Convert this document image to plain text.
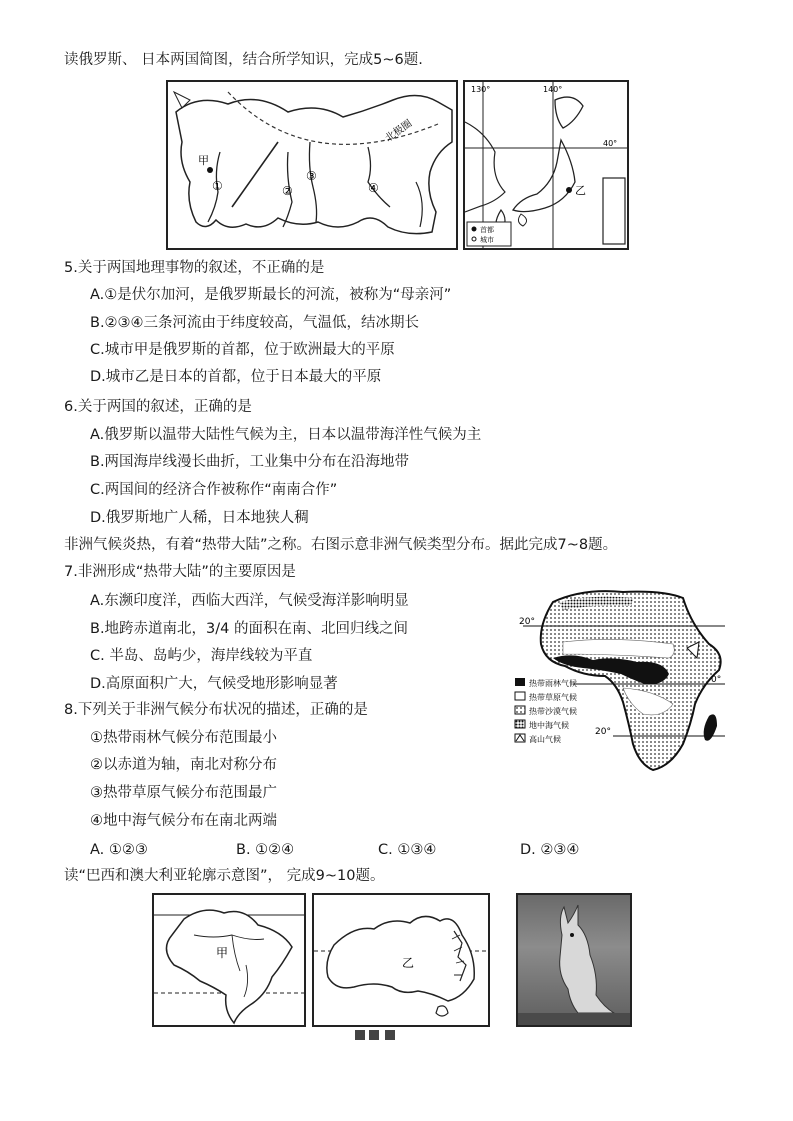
读俄罗斯、 日本两国简图，结合所学知识，完成5~6题.
北极圈
①	②
③
④
甲
130°	140°
40°
乙
首都
城市
5.关于两国地理事物的叙述，不正确的是
A.①是伏尔加河，是俄罗斯最长的河流，被称为“母亲河”
B.②③④三条河流由于纬度较高，气温低，结冰期长
C.城市甲是俄罗斯的首都，位于欧洲最大的平原
D.城市乙是日本的首都，位于日本最大的平原
6.关于两国的叙述，正确的是
A.俄罗斯以温带大陆性气候为主，日本以温带海洋性气候为主
B.两国海岸线漫长曲折，工业集中分布在沿海地带
C.两国间的经济合作被称作“南南合作”
D.俄罗斯地广人稀，日本地狭人稠
非洲气候炎热，有着“热带大陆”之称。右图示意非洲气候类型分布。据此完成7~8题。
7.非洲形成“热带大陆”的主要原因是
A.东濒印度洋，西临大西洋，气候受海洋影响明显
B.地跨赤道南北，3/4 的面积在南、北回归线之间
C. 半岛、岛屿少，海岸线较为平直
D.高原面积广大，气候受地形影响显著
20°
0°
20°
热带雨林气候
热带草原气候
热带沙漠气候
地中海气候
高山气候
8.下列关于非洲气候分布状况的描述，正确的是
①热带雨林气候分布范围最小
②以赤道为轴，南北对称分布
③热带草原气候分布范围最广
④地中海气候分布在南北两端
A. ①②③	B. ①②④	C. ①③④	D. ②③④
读“巴西和澳大利亚轮廓示意图”， 完成9~10题。
甲
乙
